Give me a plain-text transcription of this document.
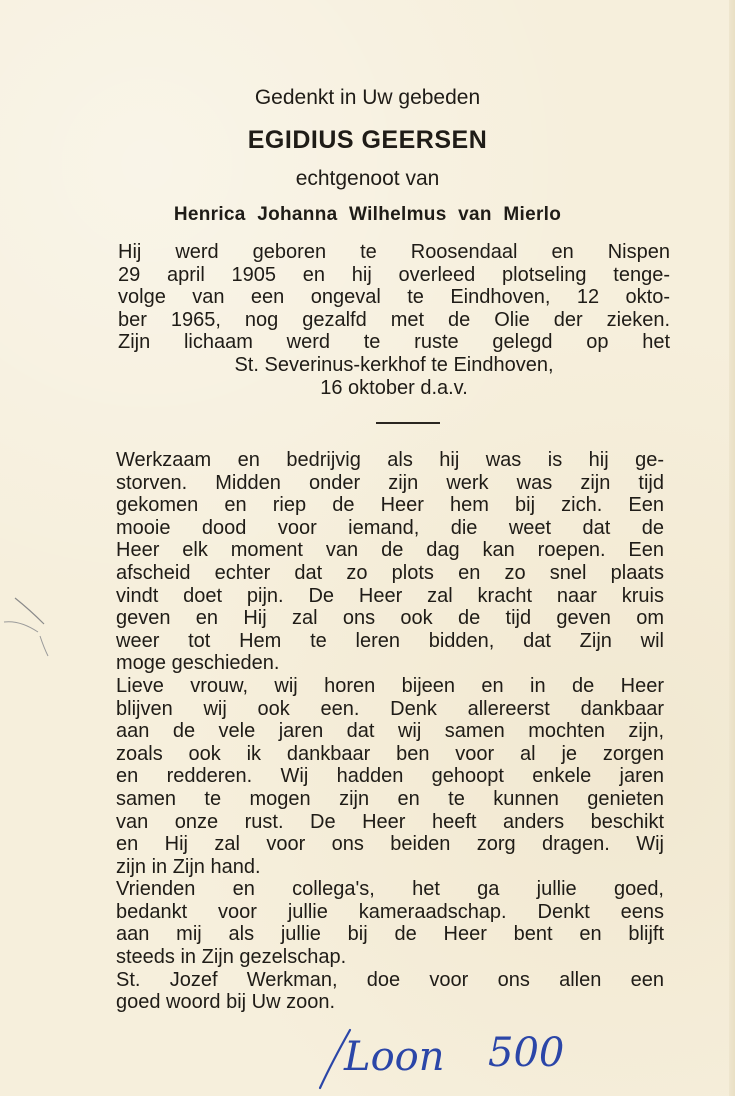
Gedenkt in Uw gebeden
EGIDIUS GEERSEN
echtgenoot van
Henrica Johanna Wilhelmus van Mierlo
Hij werd geboren te Roosendaal en Nispen
29 april 1905 en hij overleed plotseling tenge-
volge van een ongeval te Eindhoven, 12 okto-
ber 1965, nog gezalfd met de Olie der zieken.
Zijn lichaam werd te ruste gelegd op het
St. Severinus-kerkhof te Eindhoven,
16 oktober d.a.v.
Werkzaam en bedrijvig als hij was is hij ge-
storven. Midden onder zijn werk was zijn tijd
gekomen en riep de Heer hem bij zich. Een
mooie dood voor iemand, die weet dat de
Heer elk moment van de dag kan roepen. Een
afscheid echter dat zo plots en zo snel plaats
vindt doet pijn. De Heer zal kracht naar kruis
geven en Hij zal ons ook de tijd geven om
weer tot Hem te leren bidden, dat Zijn wil
moge geschieden.
Lieve vrouw, wij horen bijeen en in de Heer
blijven wij ook een. Denk allereerst dankbaar
aan de vele jaren dat wij samen mochten zijn,
zoals ook ik dankbaar ben voor al je zorgen
en redderen. Wij hadden gehoopt enkele jaren
samen te mogen zijn en te kunnen genieten
van onze rust. De Heer heeft anders beschikt
en Hij zal voor ons beiden zorg dragen. Wij
zijn in Zijn hand.
Vrienden en collega's, het ga jullie goed,
bedankt voor jullie kameraadschap. Denkt eens
aan mij als jullie bij de Heer bent en blijft
steeds in Zijn gezelschap.
St. Jozef Werkman, doe voor ons allen een
goed woord bij Uw zoon.
Loon 500
